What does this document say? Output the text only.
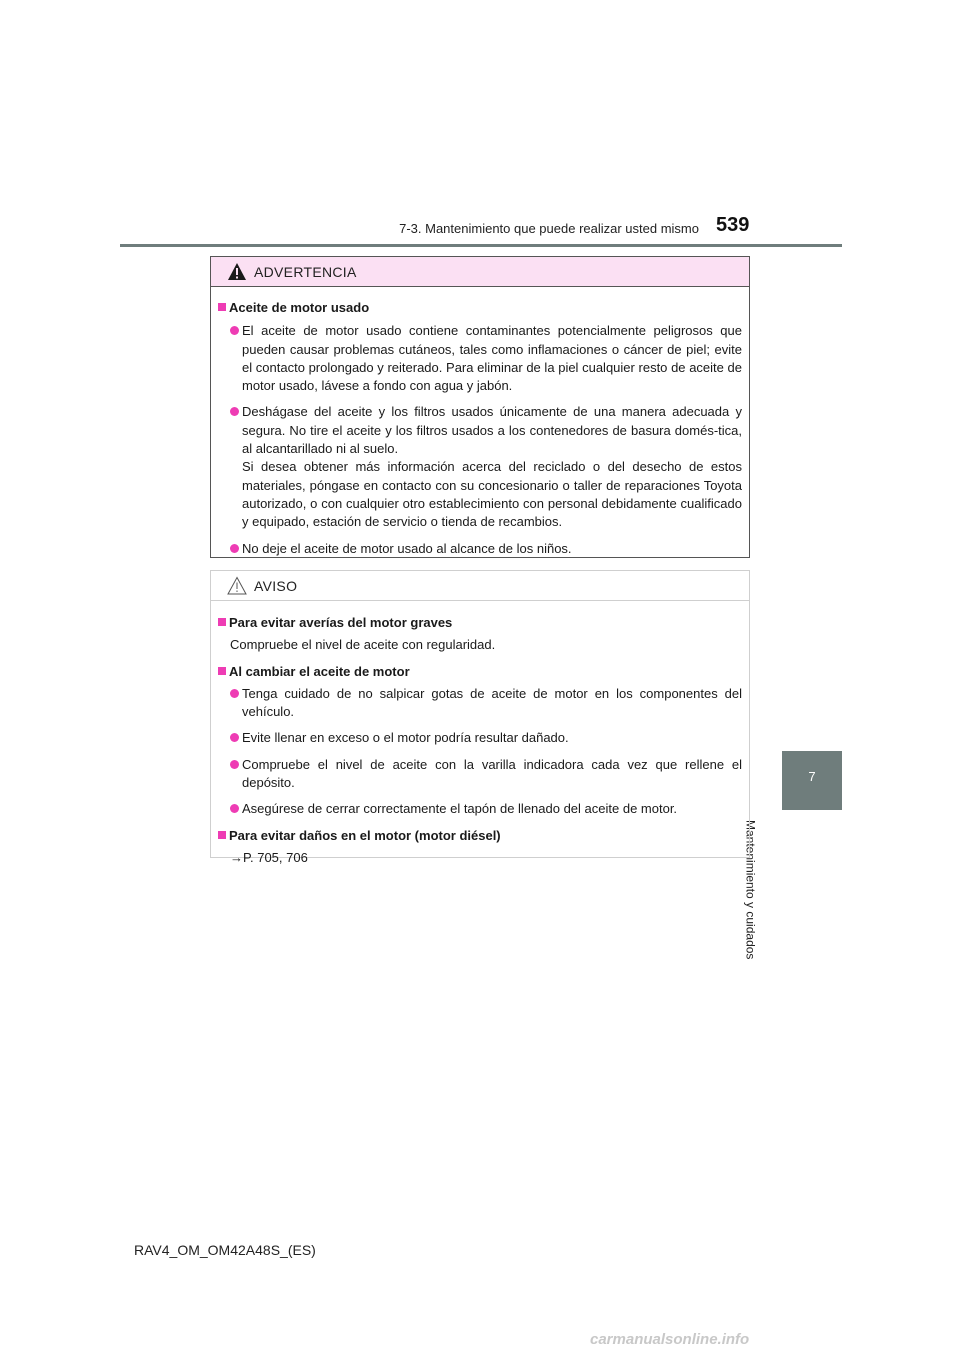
7-3. Mantenimiento que puede realizar usted mismo 539
7
Mantenimiento y cuidados
ADVERTENCIA
Aceite de motor usado

El aceite de motor usado contiene contaminantes potencialmente peligrosos que pueden causar problemas cutáneos, tales como inflamaciones o cáncer de piel; evite el contacto prolongado y reiterado. Para eliminar de la piel cualquier resto de aceite de motor usado, lávese a fondo con agua y jabón.

Deshágase del aceite y los filtros usados únicamente de una manera adecuada y segura. No tire el aceite y los filtros usados a los contenedores de basura domés-tica, al alcantarillado ni al suelo.

Si desea obtener más información acerca del reciclado o del desecho de estos materiales, póngase en contacto con su concesionario o taller de reparaciones Toyota autorizado, o con cualquier otro establecimiento con personal debidamente cualificado y equipado, estación de servicio o tienda de recambios.

No deje el aceite de motor usado al alcance de los niños.

AVISO
Para evitar averías del motor graves
Compruebe el nivel de aceite con regularidad.
Al cambiar el aceite de motor

Tenga cuidado de no salpicar gotas de aceite de motor en los componentes del vehículo.

Evite llenar en exceso o el motor podría resultar dañado.

Compruebe el nivel de aceite con la varilla indicadora cada vez que rellene el depósito.

Asegúrese de cerrar correctamente el tapón de llenado del aceite de motor.

Para evitar daños en el motor (motor diésel)
→P. 705, 706
RAV4_OM_OM42A48S_(ES)
carmanualsonline.info
